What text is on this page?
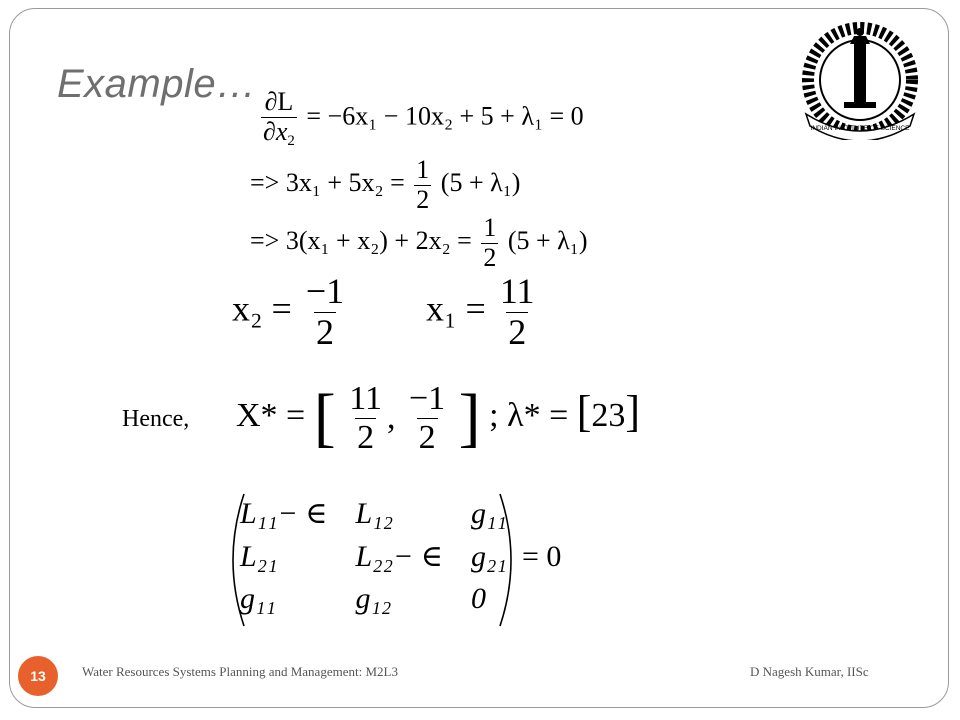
Example…
INDIAN INSTITUTE OF SCIENCE
$\frac{\partial L}{\partial x_2} = -6x_1 - 10x_2 + 5 + \lambda_1 = 0$
=> $3x_1 + 5x_2 = \frac{1}{2} (5 + \lambda_1)$
=> $3(x_1 + x_2) + 2x_2 = \frac{1}{2} (5 + \lambda_1)$
$x_2 = \frac{-1}{2} x_1 = \frac{11}{2}$
Hence, X* = [ $\frac{11}{2}$ , $\frac{-1}{2}$ ] ; λ* = [23]
L₁₁− ∈	L₁₂	g₁₁
L₂₁	L₂₂− ∈	g₂₁
g₁₁	g₁₂	0
= 0
13	Water Resources Systems Planning and Management: M2L3	D Nagesh Kumar, IISc
